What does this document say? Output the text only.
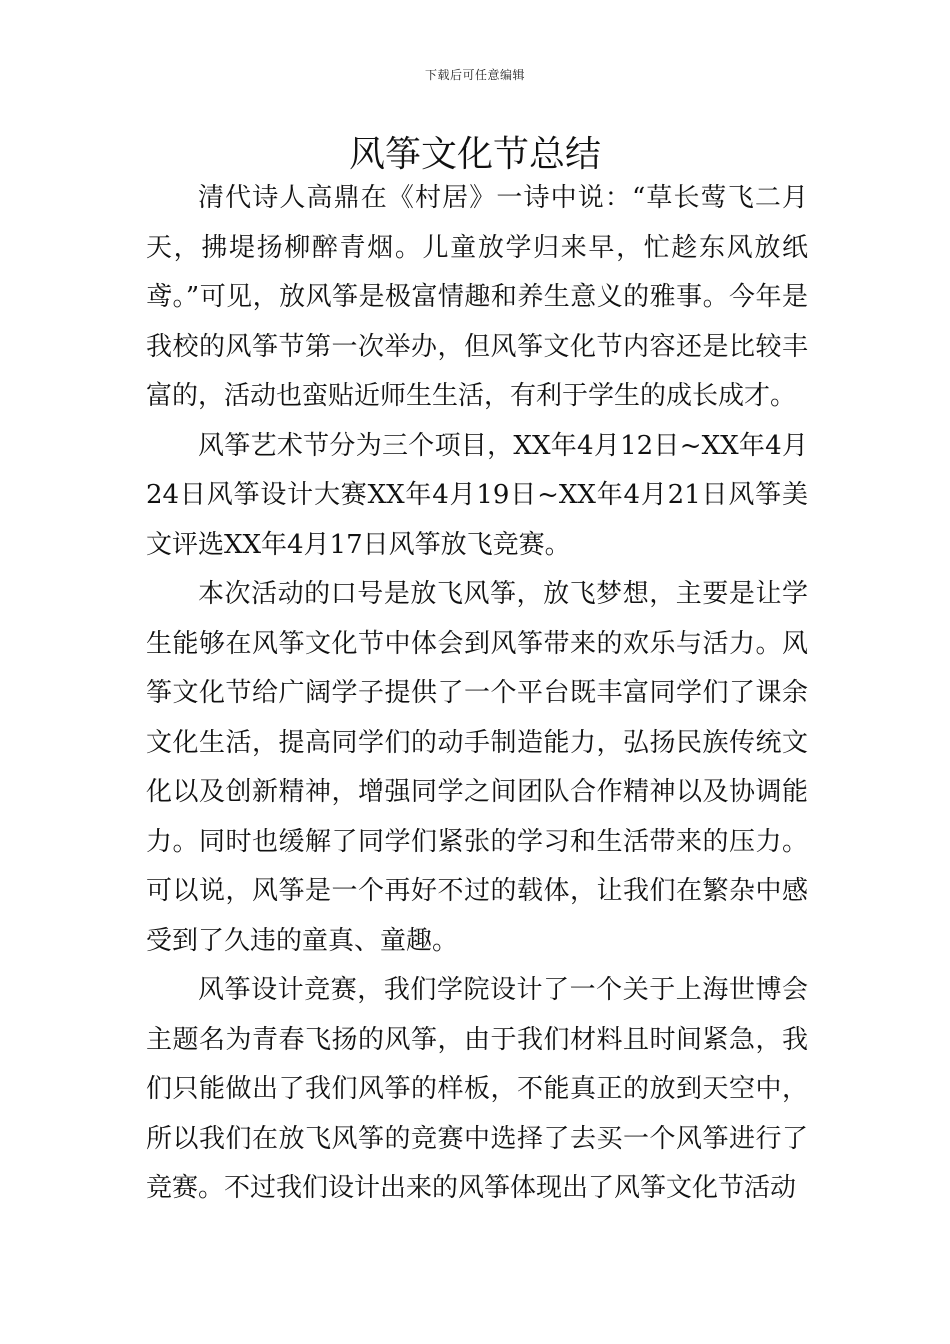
下载后可任意编辑
风筝文化节总结

清代诗人高鼎在《村居》一诗中说：“草长莺飞二月天，拂堤扬柳醉青烟。儿童放学归来早，忙趁东风放纸鸢。”可见，放风筝是极富情趣和养生意义的雅事。今年是我校的风筝节第一次举办，但风筝文化节内容还是比较丰富的，活动也蛮贴近师生生活，有利于学生的成长成才。

风筝艺术节分为三个项目，XX年4月12日~XX年4月24日风筝设计大赛XX年4月19日~XX年4月21日风筝美文评选XX年4月17日风筝放飞竞赛。

本次活动的口号是放飞风筝，放飞梦想，主要是让学生能够在风筝文化节中体会到风筝带来的欢乐与活力。风筝文化节给广阔学子提供了一个平台既丰富同学们了课余文化生活，提高同学们的动手制造能力，弘扬民族传统文化以及创新精神，增强同学之间团队合作精神以及协调能力。同时也缓解了同学们紧张的学习和生活带来的压力。可以说，风筝是一个再好不过的载体，让我们在繁杂中感受到了久违的童真、童趣。

风筝设计竞赛，我们学院设计了一个关于上海世博会主题名为青春飞扬的风筝，由于我们材料且时间紧急，我们只能做出了我们风筝的样板，不能真正的放到天空中，所以我们在放飞风筝的竞赛中选择了去买一个风筝进行了竞赛。不过我们设计出来的风筝体现出了风筝文化节活动
